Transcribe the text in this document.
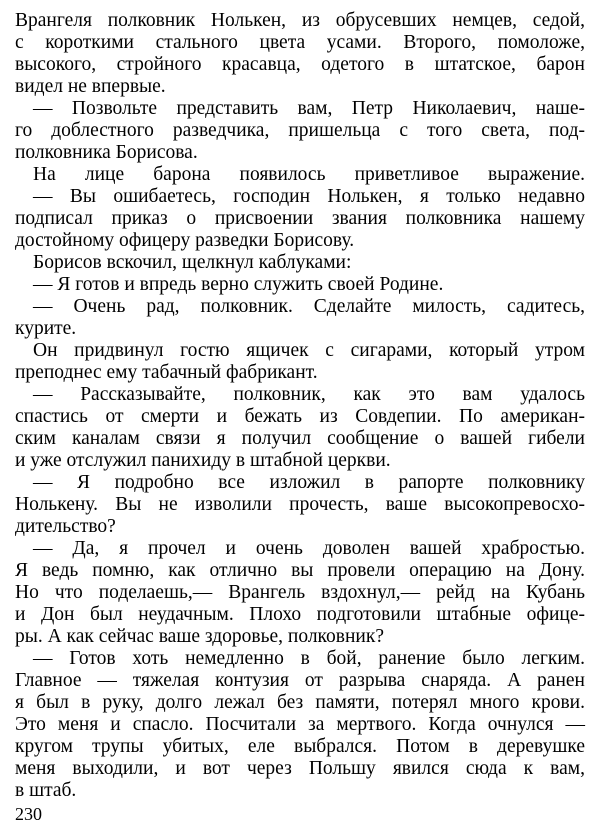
Врангеля полковник Нолькен, из обрусевших немцев, седой,
с короткими стального цвета усами. Второго, помоложе,
высокого, стройного красавца, одетого в штатское, барон
видел не впервые.
— Позвольте представить вам, Петр Николаевич, наше-
го доблестного разведчика, пришельца с того света, под-
полковника Борисова.
На лице барона появилось приветливое выражение.
— Вы ошибаетесь, господин Нолькен, я только недавно
подписал приказ о присвоении звания полковника нашему
достойному офицеру разведки Борисову.
Борисов вскочил, щелкнул каблуками:
— Я готов и впредь верно служить своей Родине.
— Очень рад, полковник. Сделайте милость, садитесь,
курите.
Он придвинул гостю ящичек с сигарами, который утром
преподнес ему табачный фабрикант.
— Рассказывайте, полковник, как это вам удалось
спастись от смерти и бежать из Совдепии. По американ-
ским каналам связи я получил сообщение о вашей гибели
и уже отслужил панихиду в штабной церкви.
— Я подробно все изложил в рапорте полковнику
Нолькену. Вы не изволили прочесть, ваше высокопревосхо-
дительство?
— Да, я прочел и очень доволен вашей храбростью.
Я ведь помню, как отлично вы провели операцию на Дону.
Но что поделаешь,— Врангель вздохнул,— рейд на Кубань
и Дон был неудачным. Плохо подготовили штабные офице-
ры. А как сейчас ваше здоровье, полковник?
— Готов хоть немедленно в бой, ранение было легким.
Главное — тяжелая контузия от разрыва снаряда. А ранен
я был в руку, долго лежал без памяти, потерял много крови.
Это меня и спасло. Посчитали за мертвого. Когда очнулся —
кругом трупы убитых, еле выбрался. Потом в деревушке
меня выходили, и вот через Польшу явился сюда к вам,
в штаб.
230
